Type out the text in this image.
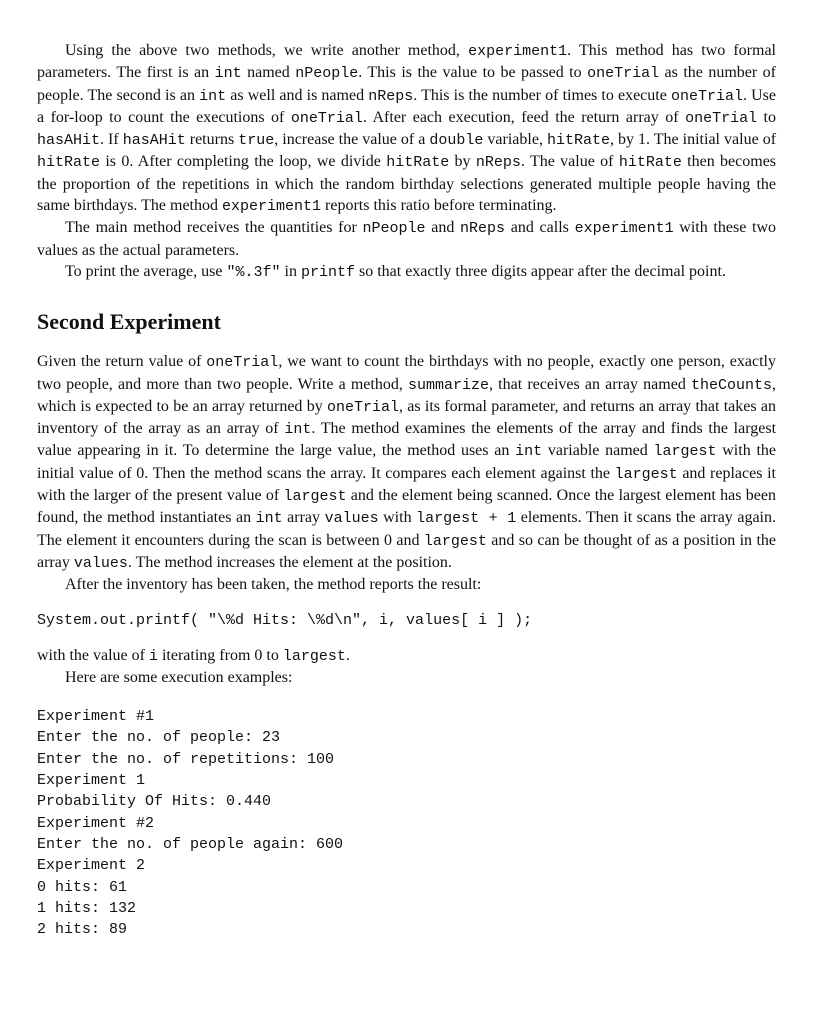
Using the above two methods, we write another method, experiment1. This method has two formal parameters. The first is an int named nPeople. This is the value to be passed to oneTrial as the number of people. The second is an int as well and is named nReps. This is the number of times to execute oneTrial. Use a for-loop to count the executions of oneTrial. After each execution, feed the return array of oneTrial to hasAHit. If hasAHit returns true, increase the value of a double variable, hitRate, by 1. The initial value of hitRate is 0. After completing the loop, we divide hitRate by nReps. The value of hitRate then becomes the proportion of the repetitions in which the random birthday selections generated multiple people having the same birthdays. The method experiment1 reports this ratio before terminating.

The main method receives the quantities for nPeople and nReps and calls experiment1 with these two values as the actual parameters.

To print the average, use "%.3f" in printf so that exactly three digits appear after the decimal point.

Second Experiment

Given the return value of oneTrial, we want to count the birthdays with no people, exactly one person, exactly two people, and more than two people. Write a method, summarize, that receives an array named theCounts, which is expected to be an array returned by oneTrial, as its formal parameter, and returns an array that takes an inventory of the array as an array of int. The method examines the elements of the array and finds the largest value appearing in it. To determine the large value, the method uses an int variable named largest with the initial value of 0. Then the method scans the array. It compares each element against the largest and replaces it with the larger of the present value of largest and the element being scanned. Once the largest element has been found, the method instantiates an int array values with largest + 1 elements. Then it scans the array again. The element it encounters during the scan is between 0 and largest and so can be thought of as a position in the array values. The method increases the element at the position.

After the inventory has been taken, the method reports the result:

System.out.printf( "\%d Hits: \%d\n", i, values[ i ] );

with the value of i iterating from 0 to largest.

Here are some execution examples:

Experiment #1
Enter the no. of people: 23
Enter the no. of repetitions: 100
Experiment 1
Probability Of Hits: 0.440
Experiment #2
Enter the no. of people again: 600
Experiment 2
0 hits: 61
1 hits: 132
2 hits: 89
